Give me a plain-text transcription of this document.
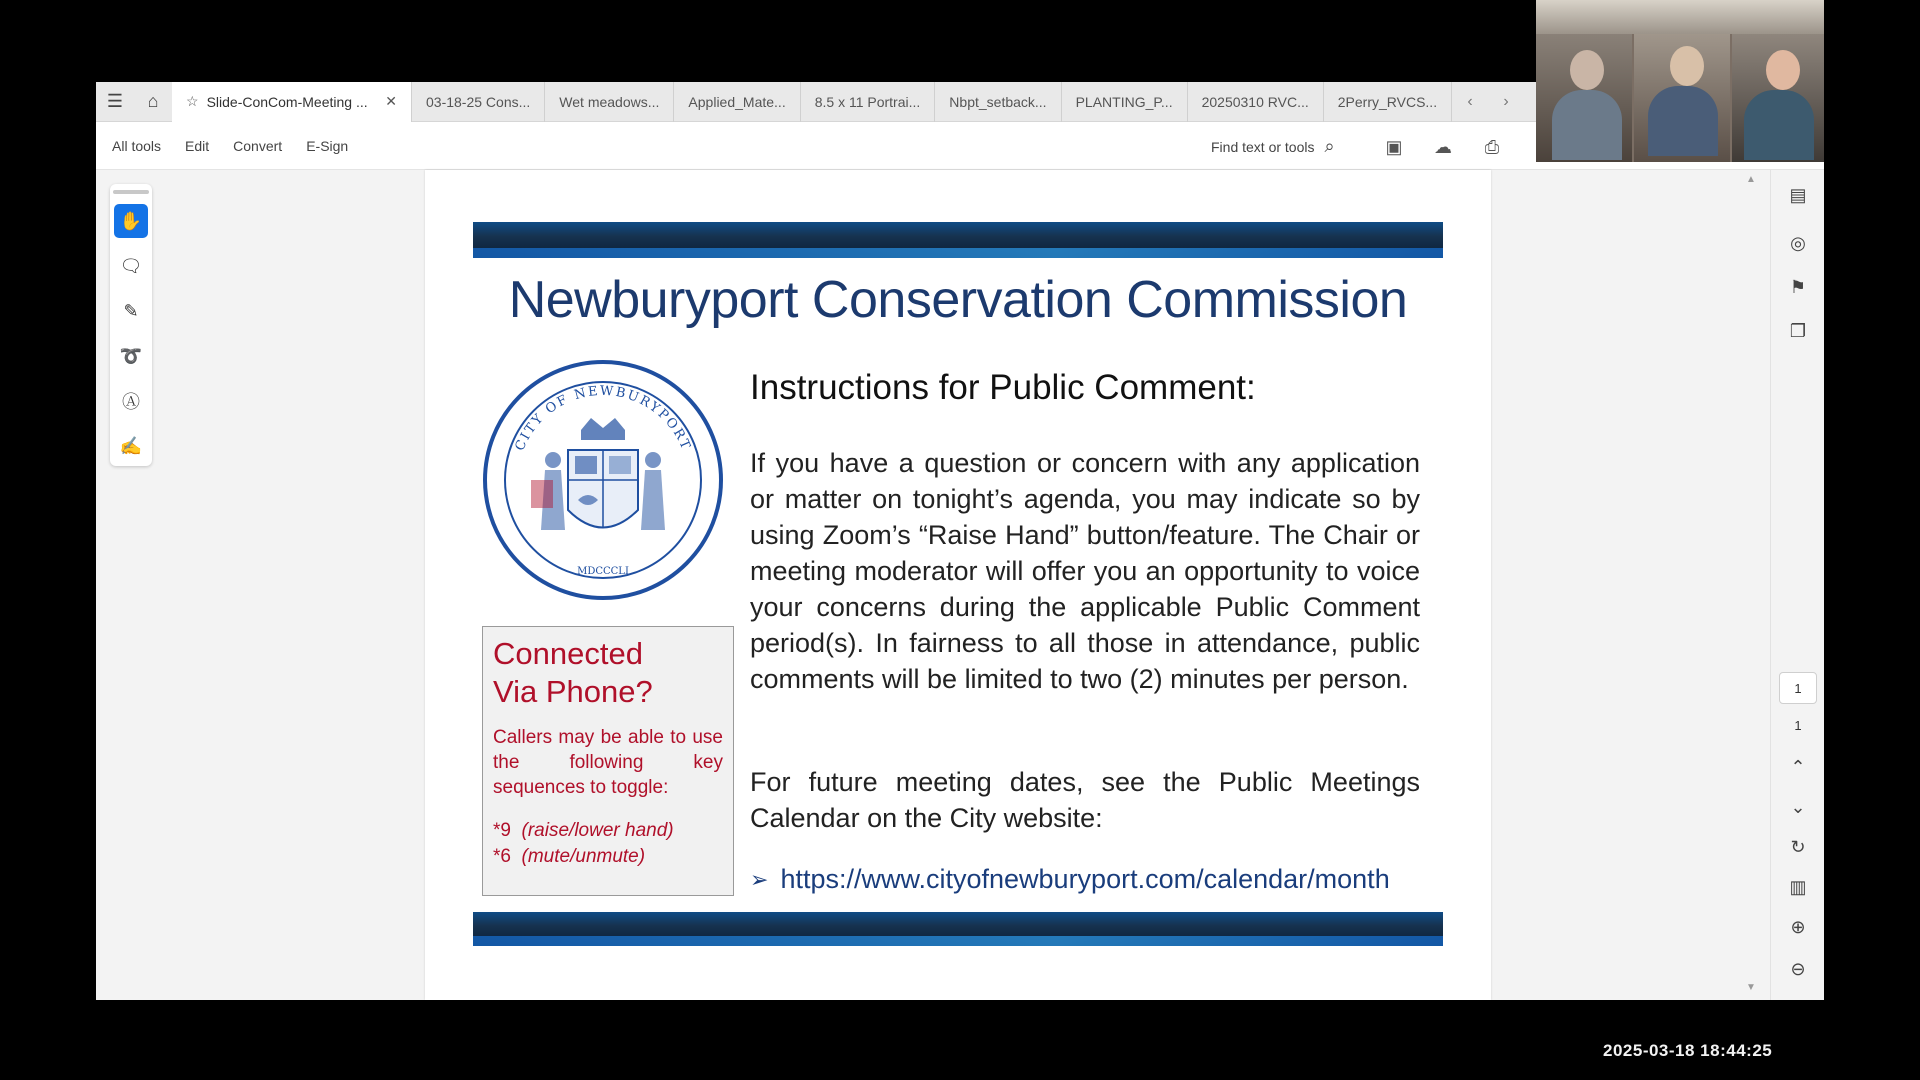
☰	⌂	☆ Slide-ConCom-Meeting ...	✕ 03-18-25 Cons... Wet meadows... Applied_Mate... 8.5 x 11 Portrai... Nbpt_setback... PLANTING_P... 20250310 RVC... 2Perry_RVCS...	‹	›
All tools Edit Convert E-Sign	Find text or tools ⌕	▣	☁	⎙
✋
🗨
✎
➰
Ⓐ
✍
Newburyport Conservation Commission
CITY OF NEWBURYPORT
MDCCCLI
Connected
Via Phone?
Callers may be able to use the following key sequences to toggle:
*9 (raise/lower hand)
*6 (mute/unmute)
Instructions for Public Comment:
If you have a question or concern with any application or matter on tonight’s agenda, you may indicate so by using Zoom’s “Raise Hand” button/feature. The Chair or meeting moderator will offer you an opportunity to voice your concerns during the applicable Public Comment period(s). In fairness to all those in attendance, public comments will be limited to two (2) minutes per person.
For future meeting dates, see the Public Meetings Calendar on the City website:
➢ https://www.cityofnewburyport.com/calendar/month
▲
▼
▤
◎
⚑
❐
1
1
⌃
⌄
↻
▥
⊕
⊖
2025-03-18 18:44:25
